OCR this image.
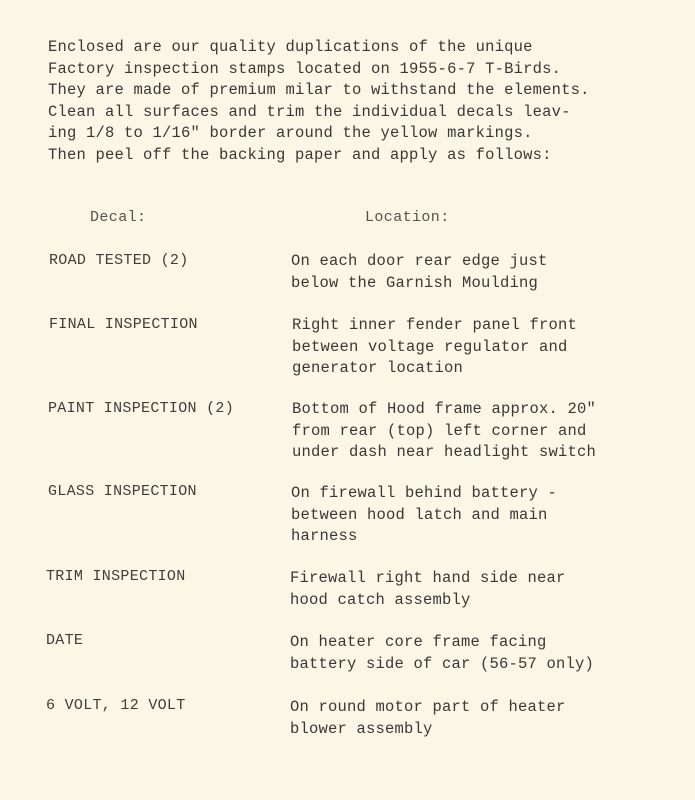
Enclosed are our quality duplications of the unique
Factory inspection stamps located on 1955-6-7 T-Birds.
They are made of premium milar to withstand the elements.
Clean all surfaces and trim the individual decals leav-
ing 1/8 to 1/16" border around the yellow markings.
Then peel off the backing paper and apply as follows:
Decal:	Location:
ROAD TESTED (2)	On each door rear edge just
below the Garnish Moulding
FINAL INSPECTION	Right inner fender panel front
between voltage regulator and
generator location
PAINT INSPECTION (2)	Bottom of Hood frame approx. 20"
from rear (top) left corner and
under dash near headlight switch
GLASS INSPECTION	On firewall behind battery -
between hood latch and main
harness
TRIM INSPECTION	Firewall right hand side near
hood catch assembly
DATE	On heater core frame facing
battery side of car (56-57 only)
6 VOLT, 12 VOLT	On round motor part of heater
blower assembly
